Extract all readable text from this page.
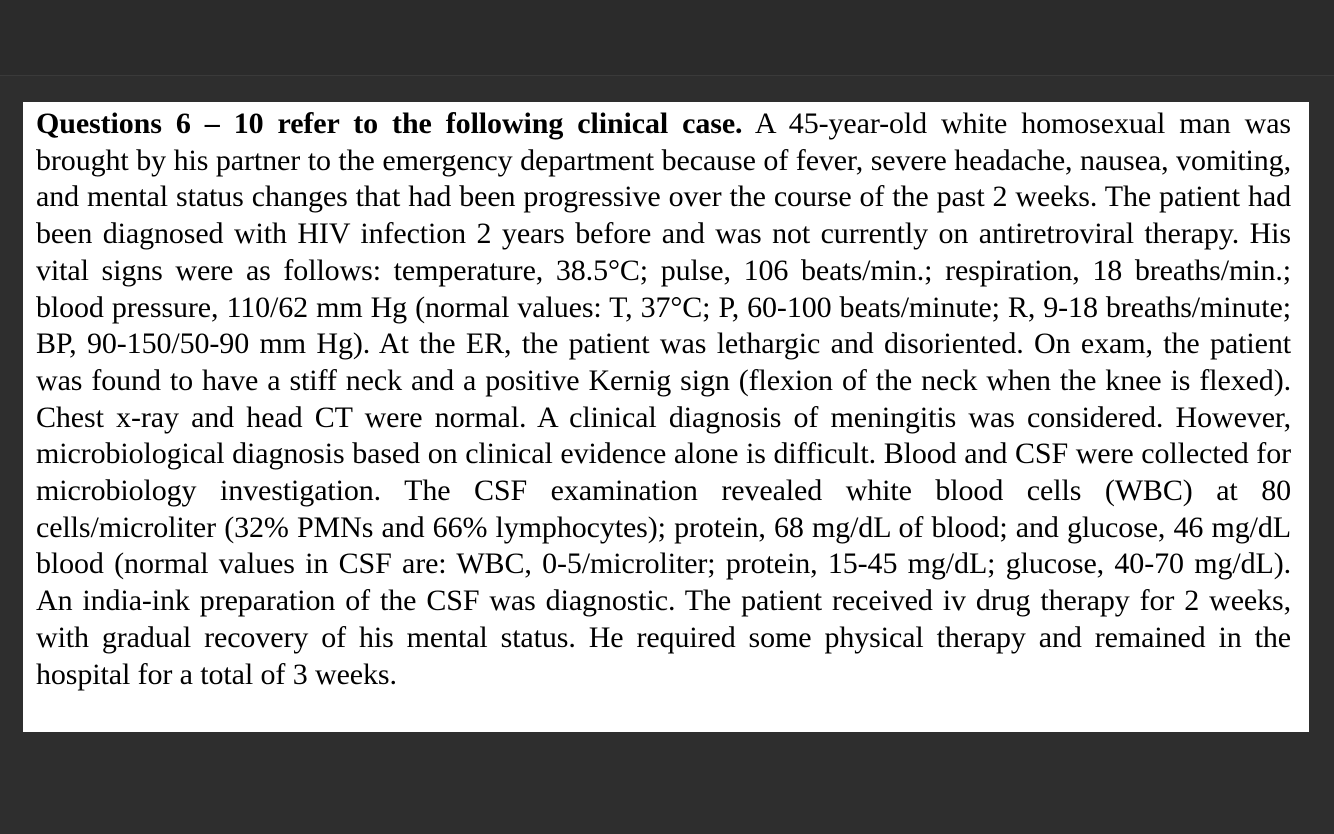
Questions 6 – 10 refer to the following clinical case. A 45-year-old white homosexual man was brought by his partner to the emergency department because of fever, severe headache, nausea, vomiting, and mental status changes that had been progressive over the course of the past 2 weeks. The patient had been diagnosed with HIV infection 2 years before and was not currently on antiretroviral therapy. His vital signs were as follows: temperature, 38.5°C; pulse, 106 beats/min.; respiration, 18 breaths/min.; blood pressure, 110/62 mm Hg (normal values: T, 37°C; P, 60-100 beats/minute; R, 9-18 breaths/minute; BP, 90-150/50-90 mm Hg). At the ER, the patient was lethargic and disoriented. On exam, the patient was found to have a stiff neck and a positive Kernig sign (flexion of the neck when the knee is flexed). Chest x-ray and head CT were normal. A clinical diagnosis of meningitis was considered. However, microbiological diagnosis based on clinical evidence alone is difficult. Blood and CSF were collected for microbiology investigation. The CSF examination revealed white blood cells (WBC) at 80 cells/microliter (32% PMNs and 66% lymphocytes); protein, 68 mg/dL of blood; and glucose, 46 mg/dL blood (normal values in CSF are: WBC, 0-5/microliter; protein, 15-45 mg/dL; glucose, 40-70 mg/dL). An india-ink preparation of the CSF was diagnostic. The patient received iv drug therapy for 2 weeks, with gradual recovery of his mental status. He required some physical therapy and remained in the hospital for a total of 3 weeks.
